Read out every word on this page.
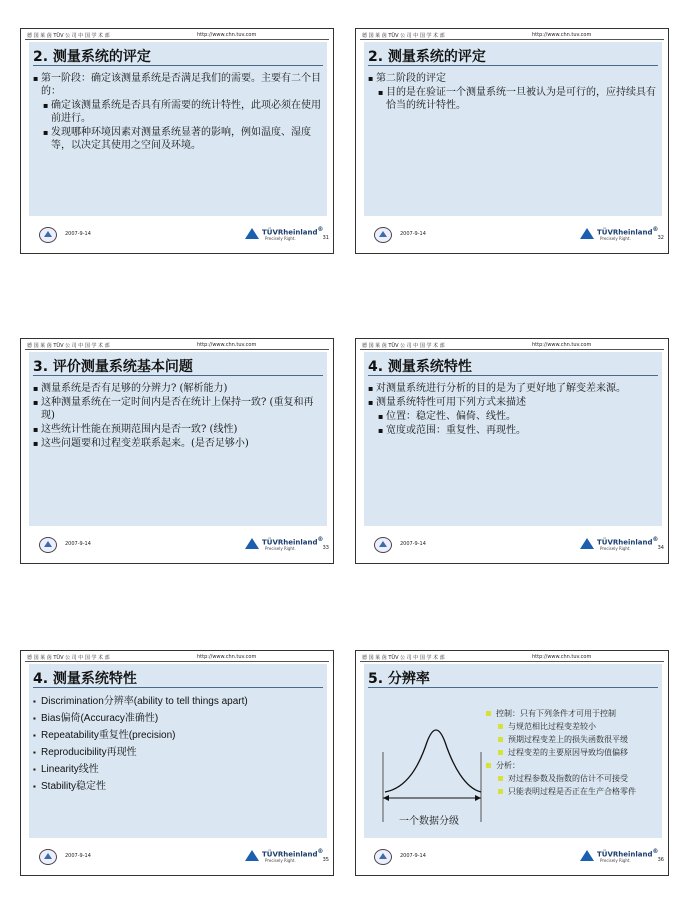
德 国 莱 茵 TÜV 公 司 中 国 学 术 部	http://www.chn.tuv.com
2. 测量系统的评定
▪ 第一阶段：确定该测量系统是否满足我们的需要。主要有二个目的：
▪ 确定该测量系统是否具有所需要的统计特性，此项必须在使用前进行。
▪ 发现哪种环境因素对测量系统显著的影响，例如温度、湿度等，以决定其使用之空间及环境。
2007-9-14	TÜVRheinland®
Precisely Right.	31
德 国 莱 茵 TÜV 公 司 中 国 学 术 部	http://www.chn.tuv.com
2. 测量系统的评定
▪ 第二阶段的评定
▪ 目的是在验证一个测量系统一旦被认为是可行的，应持续具有恰当的统计特性。
2007-9-14	TÜVRheinland®
Precisely Right.	32
德 国 莱 茵 TÜV 公 司 中 国 学 术 部	http://www.chn.tuv.com
3. 评价测量系统基本问题
▪ 测量系统是否有足够的分辨力? (解析能力)
▪ 这种测量系统在一定时间内是否在统计上保持一致? (重复和再现)
▪ 这些统计性能在预期范围内是否一致? (线性)
▪ 这些问题要和过程变差联系起来。(是否足够小)
2007-9-14	TÜVRheinland®
Precisely Right.	33
德 国 莱 茵 TÜV 公 司 中 国 学 术 部	http://www.chn.tuv.com
4. 测量系统特性
▪ 对测量系统进行分析的目的是为了更好地了解变差来源。
▪ 测量系统特性可用下列方式来描述
▪ 位置：稳定性、偏倚、线性。
▪ 宽度或范围：重复性、再现性。
2007-9-14	TÜVRheinland®
Precisely Right.	34
德 国 莱 茵 TÜV 公 司 中 国 学 术 部	http://www.chn.tuv.com
4. 测量系统特性
▪ Discrimination分辨率(ability to tell things apart)
▪ Bias偏倚(Accuracy准确性)
▪ Repeatability重复性(precision)
▪ Reproducibility再现性
▪ Linearity线性
▪ Stability稳定性
2007-9-14	TÜVRheinland®
Precisely Right.	35
德 国 莱 茵 TÜV 公 司 中 国 学 术 部	http://www.chn.tuv.com
5. 分辨率
一个数据分级
控制：只有下列条件才可用于控制
与规范相比过程变差较小
预期过程变差上的损失函数很平缓
过程变差的主要原因导致均值偏移
分析：
对过程参数及指数的估计不可接受
只能表明过程是否正在生产合格零件
2007-9-14	TÜVRheinland®
Precisely Right.	36
